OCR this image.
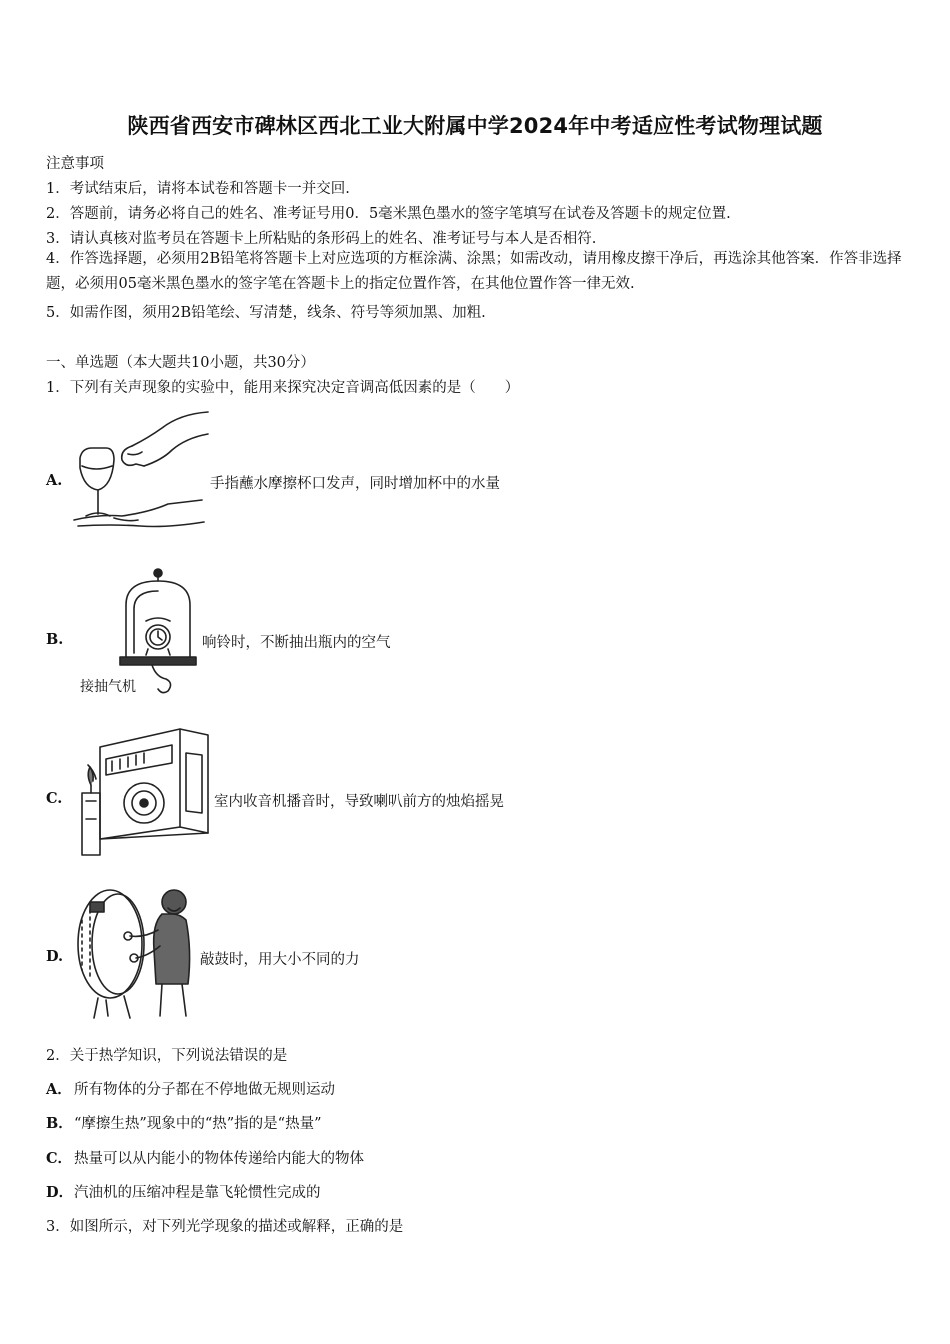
陕西省西安市碑林区西北工业大附属中学2024年中考适应性考试物理试题
注意事项
1．考试结束后，请将本试卷和答题卡一并交回.
2．答题前，请务必将自己的姓名、准考证号用0．5毫米黑色墨水的签字笔填写在试卷及答题卡的规定位置.
3．请认真核对监考员在答题卡上所粘贴的条形码上的姓名、准考证号与本人是否相符.
4．作答选择题，必须用2B铅笔将答题卡上对应选项的方框涂满、涂黑；如需改动，请用橡皮擦干净后，再选涂其他答案．作答非选择题，必须用05毫米黑色墨水的签字笔在答题卡上的指定位置作答，在其他位置作答一律无效.
5．如需作图，须用2B铅笔绘、写清楚，线条、符号等须加黑、加粗.
一、单选题（本大题共10小题，共30分）
1．下列有关声现象的实验中，能用来探究决定音调高低因素的是（　　）
A.	手指蘸水摩擦杯口发声，同时增加杯中的水量
B.
接抽气机
响铃时，不断抽出瓶内的空气
C.	室内收音机播音时，导致喇叭前方的烛焰摇晃
D.	敲鼓时，用大小不同的力
2．关于热学知识，下列说法错误的是
A． 所有物体的分子都在不停地做无规则运动
B． “摩擦生热”现象中的“热”指的是“热量”
C． 热量可以从内能小的物体传递给内能大的物体
D． 汽油机的压缩冲程是靠飞轮惯性完成的
3．如图所示，对下列光学现象的描述或解释，正确的是
